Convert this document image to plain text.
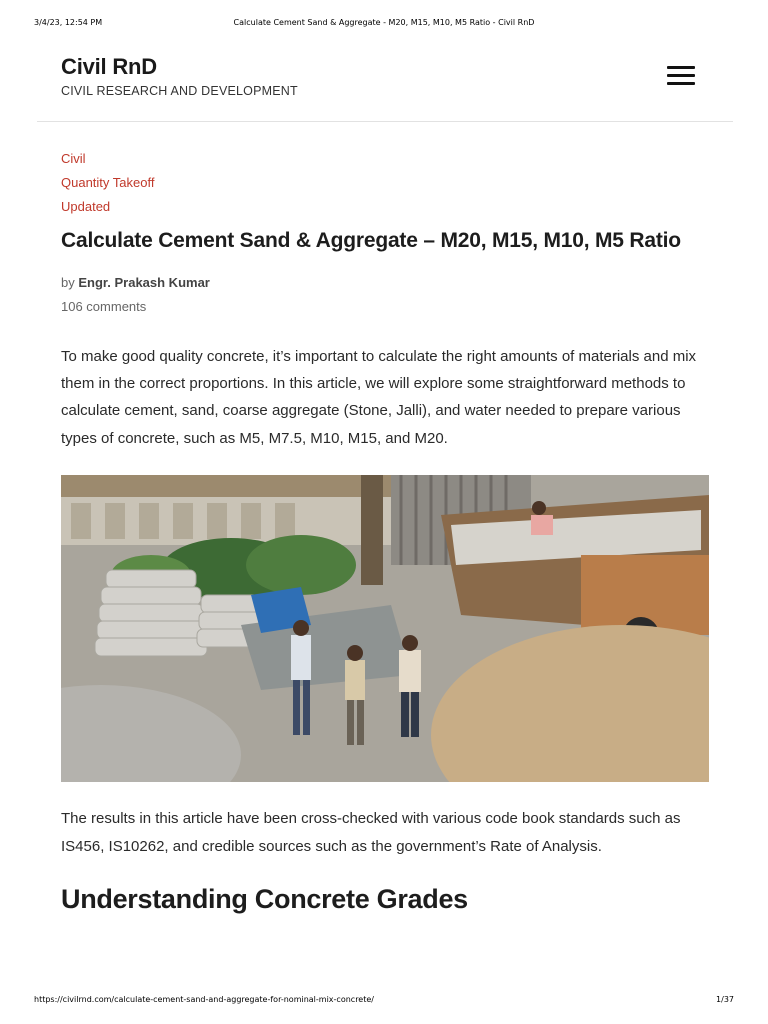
3/4/23, 12:54 PM	Calculate Cement Sand & Aggregate - M20, M15, M10, M5 Ratio - Civil RnD
Civil RnD
CIVIL RESEARCH AND DEVELOPMENT
Civil
Quantity Takeoff
Updated
Calculate Cement Sand & Aggregate – M20, M15, M10, M5 Ratio
by Engr. Prakash Kumar
106 comments

To make good quality concrete, it’s important to calculate the right amounts of materials and mix them in the correct proportions. In this article, we will explore some straightforward methods to calculate cement, sand, coarse aggregate (Stone, Jalli), and water needed to prepare various types of concrete, such as M5, M7.5, M10, M15, and M20.

The results in this article have been cross-checked with various code book standards such as IS456, IS10262, and credible sources such as the government’s Rate of Analysis.

Understanding Concrete Grades
https://civilrnd.com/calculate-cement-sand-and-aggregate-for-nominal-mix-concrete/	1/37
